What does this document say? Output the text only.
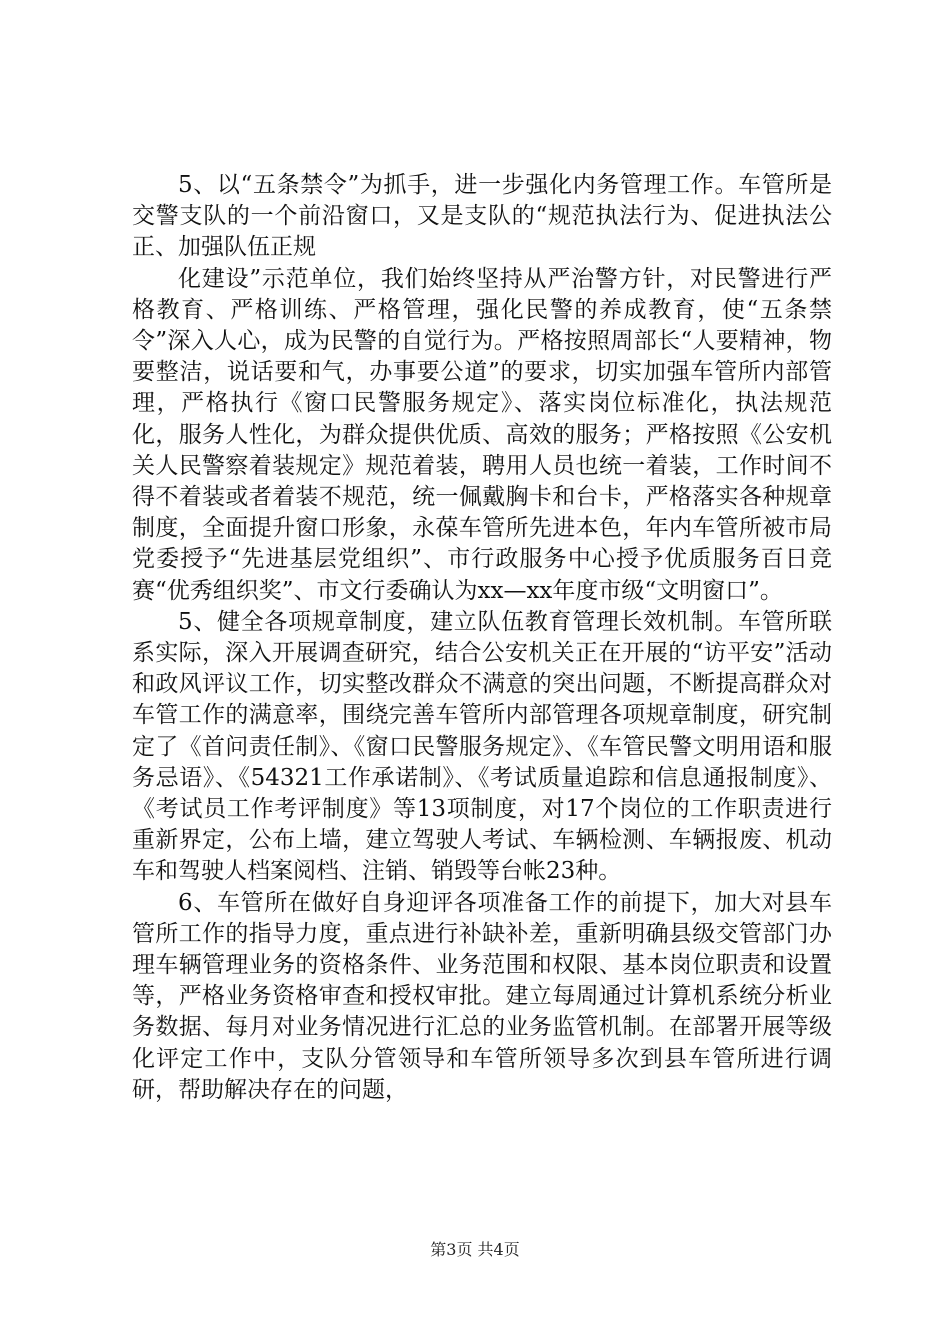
5、以“五条禁令”为抓手，进一步强化内务管理工作。车管所是交警支队的一个前沿窗口，又是支队的“规范执法行为、促进执法公正、加强队伍正规

化建设”示范单位，我们始终坚持从严治警方针，对民警进行严格教育、严格训练、严格管理，强化民警的养成教育，使“五条禁令”深入人心，成为民警的自觉行为。严格按照周部长“人要精神，物要整洁，说话要和气，办事要公道”的要求，切实加强车管所内部管理，严格执行《窗口民警服务规定》、落实岗位标准化，执法规范化，服务人性化，为群众提供优质、高效的服务；严格按照《公安机关人民警察着装规定》规范着装，聘用人员也统一着装，工作时间不得不着装或者着装不规范，统一佩戴胸卡和台卡，严格落实各种规章制度，全面提升窗口形象，永葆车管所先进本色，年内车管所被市局党委授予“先进基层党组织”、市行政服务中心授予优质服务百日竞赛“优秀组织奖”、市文行委确认为xx—xx年度市级“文明窗口”。

5、健全各项规章制度，建立队伍教育管理长效机制。车管所联系实际，深入开展调查研究，结合公安机关正在开展的“访平安”活动和政风评议工作，切实整改群众不满意的突出问题，不断提高群众对车管工作的满意率，围绕完善车管所内部管理各项规章制度，研究制定了《首问责任制》、《窗口民警服务规定》、《车管民警文明用语和服务忌语》、《54321工作承诺制》、《考试质量追踪和信息通报制度》、《考试员工作考评制度》等13项制度，对17个岗位的工作职责进行重新界定，公布上墙，建立驾驶人考试、车辆检测、车辆报废、机动车和驾驶人档案阅档、注销、销毁等台帐23种。

6、车管所在做好自身迎评各项准备工作的前提下，加大对县车管所工作的指导力度，重点进行补缺补差，重新明确县级交管部门办理车辆管理业务的资格条件、业务范围和权限、基本岗位职责和设置等，严格业务资格审查和授权审批。建立每周通过计算机系统分析业务数据、每月对业务情况进行汇总的业务监管机制。在部署开展等级化评定工作中，支队分管领导和车管所领导多次到县车管所进行调研，帮助解决存在的问题，

第3页 共4页
